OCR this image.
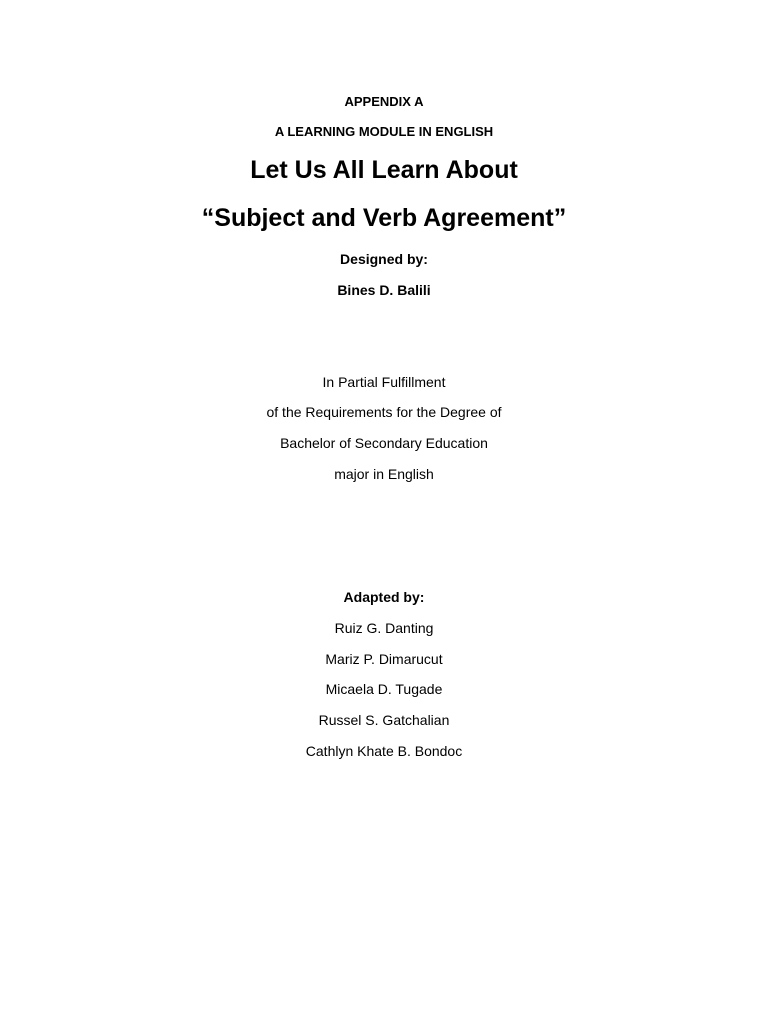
APPENDIX A
A LEARNING MODULE IN ENGLISH
Let Us All Learn About
“Subject and Verb Agreement”
Designed by:
Bines D. Balili
In Partial Fulfillment
of the Requirements for the Degree of
Bachelor of Secondary Education
major in English
Adapted by:
Ruiz G. Danting
Mariz P. Dimarucut
Micaela D. Tugade
Russel S. Gatchalian
Cathlyn Khate B. Bondoc
